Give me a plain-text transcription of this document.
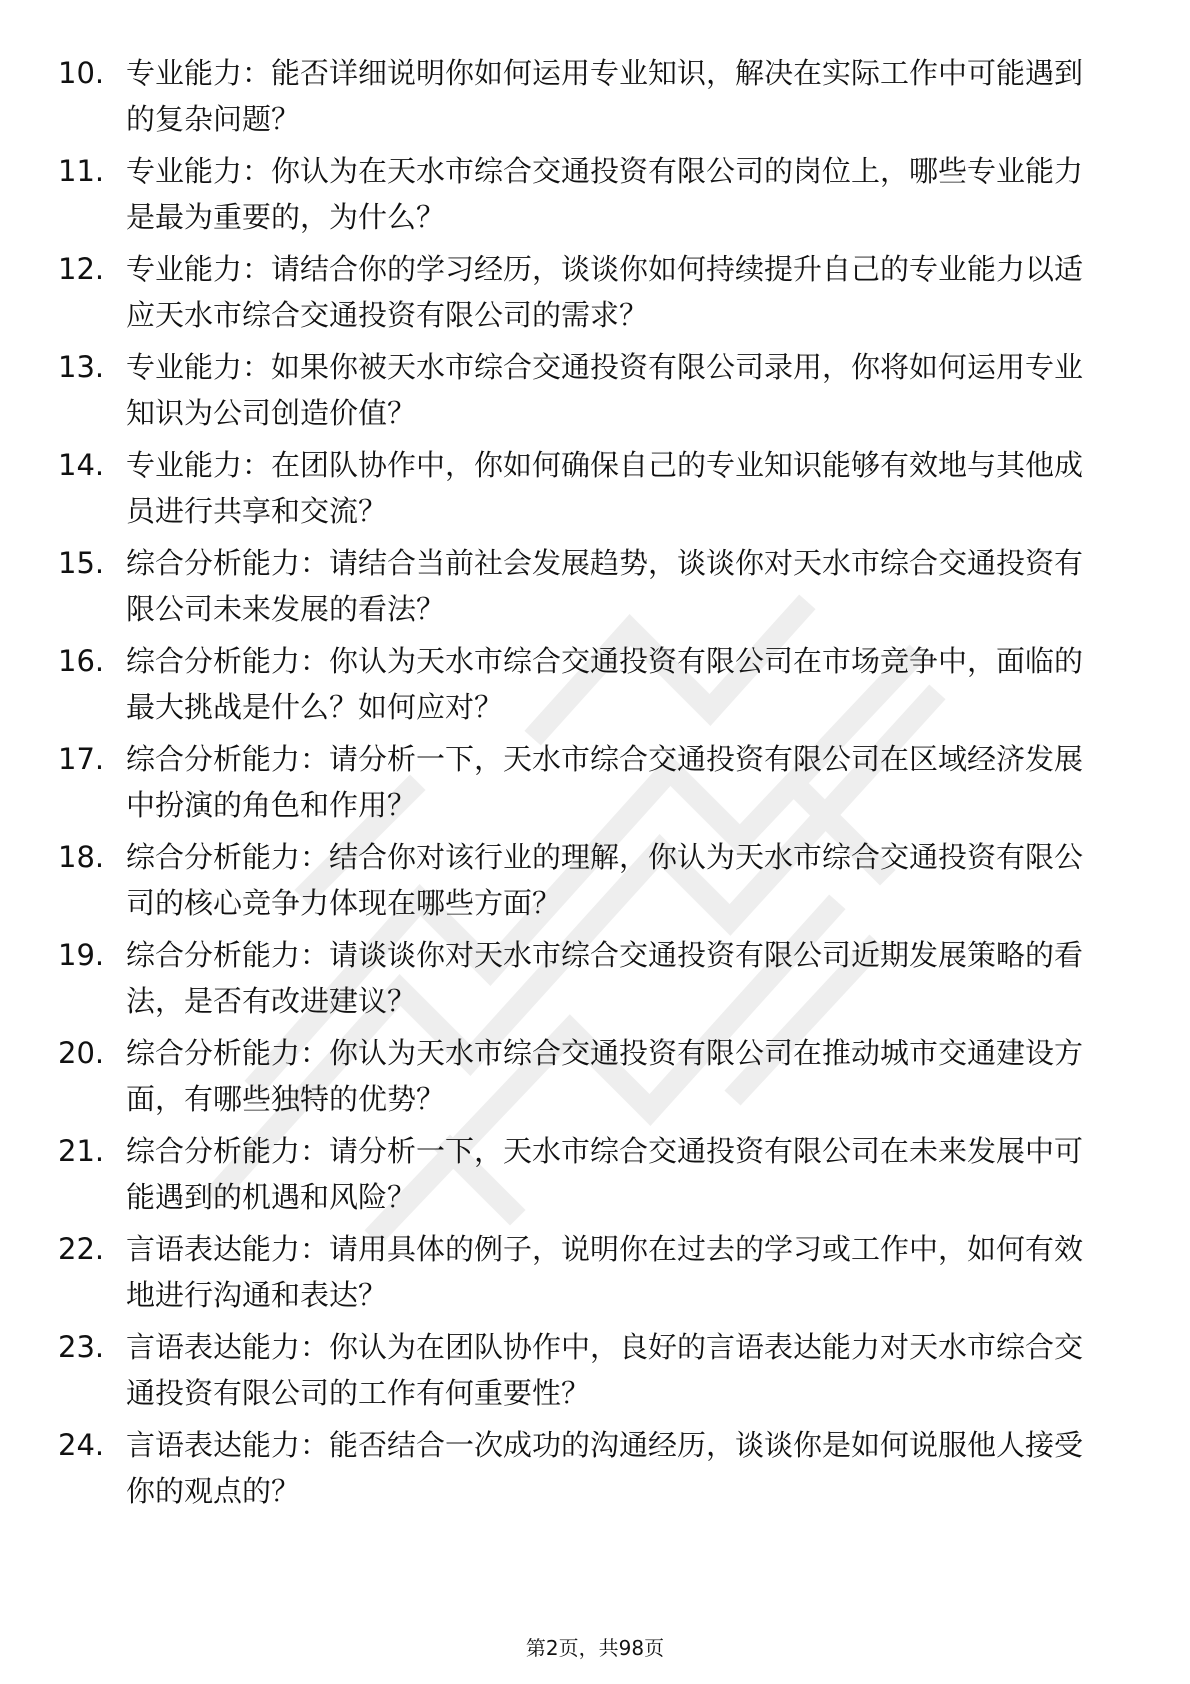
10. 专业能力：能否详细说明你如何运用专业知识，解决在实际工作中可能遇到的复杂问题？
11. 专业能力：你认为在天水市综合交通投资有限公司的岗位上，哪些专业能力是最为重要的，为什么？
12. 专业能力：请结合你的学习经历，谈谈你如何持续提升自己的专业能力以适应天水市综合交通投资有限公司的需求？
13. 专业能力：如果你被天水市综合交通投资有限公司录用，你将如何运用专业知识为公司创造价值？
14. 专业能力：在团队协作中，你如何确保自己的专业知识能够有效地与其他成员进行共享和交流？
15. 综合分析能力：请结合当前社会发展趋势，谈谈你对天水市综合交通投资有限公司未来发展的看法？
16. 综合分析能力：你认为天水市综合交通投资有限公司在市场竞争中，面临的最大挑战是什么？如何应对？
17. 综合分析能力：请分析一下，天水市综合交通投资有限公司在区域经济发展中扮演的角色和作用？
18. 综合分析能力：结合你对该行业的理解，你认为天水市综合交通投资有限公司的核心竞争力体现在哪些方面？
19. 综合分析能力：请谈谈你对天水市综合交通投资有限公司近期发展策略的看法，是否有改进建议？
20. 综合分析能力：你认为天水市综合交通投资有限公司在推动城市交通建设方面，有哪些独特的优势？
21. 综合分析能力：请分析一下，天水市综合交通投资有限公司在未来发展中可能遇到的机遇和风险？
22. 言语表达能力：请用具体的例子，说明你在过去的学习或工作中，如何有效地进行沟通和表达？
23. 言语表达能力：你认为在团队协作中，良好的言语表达能力对天水市综合交通投资有限公司的工作有何重要性？
24. 言语表达能力：能否结合一次成功的沟通经历，谈谈你是如何说服他人接受你的观点的？
第2页，共98页
